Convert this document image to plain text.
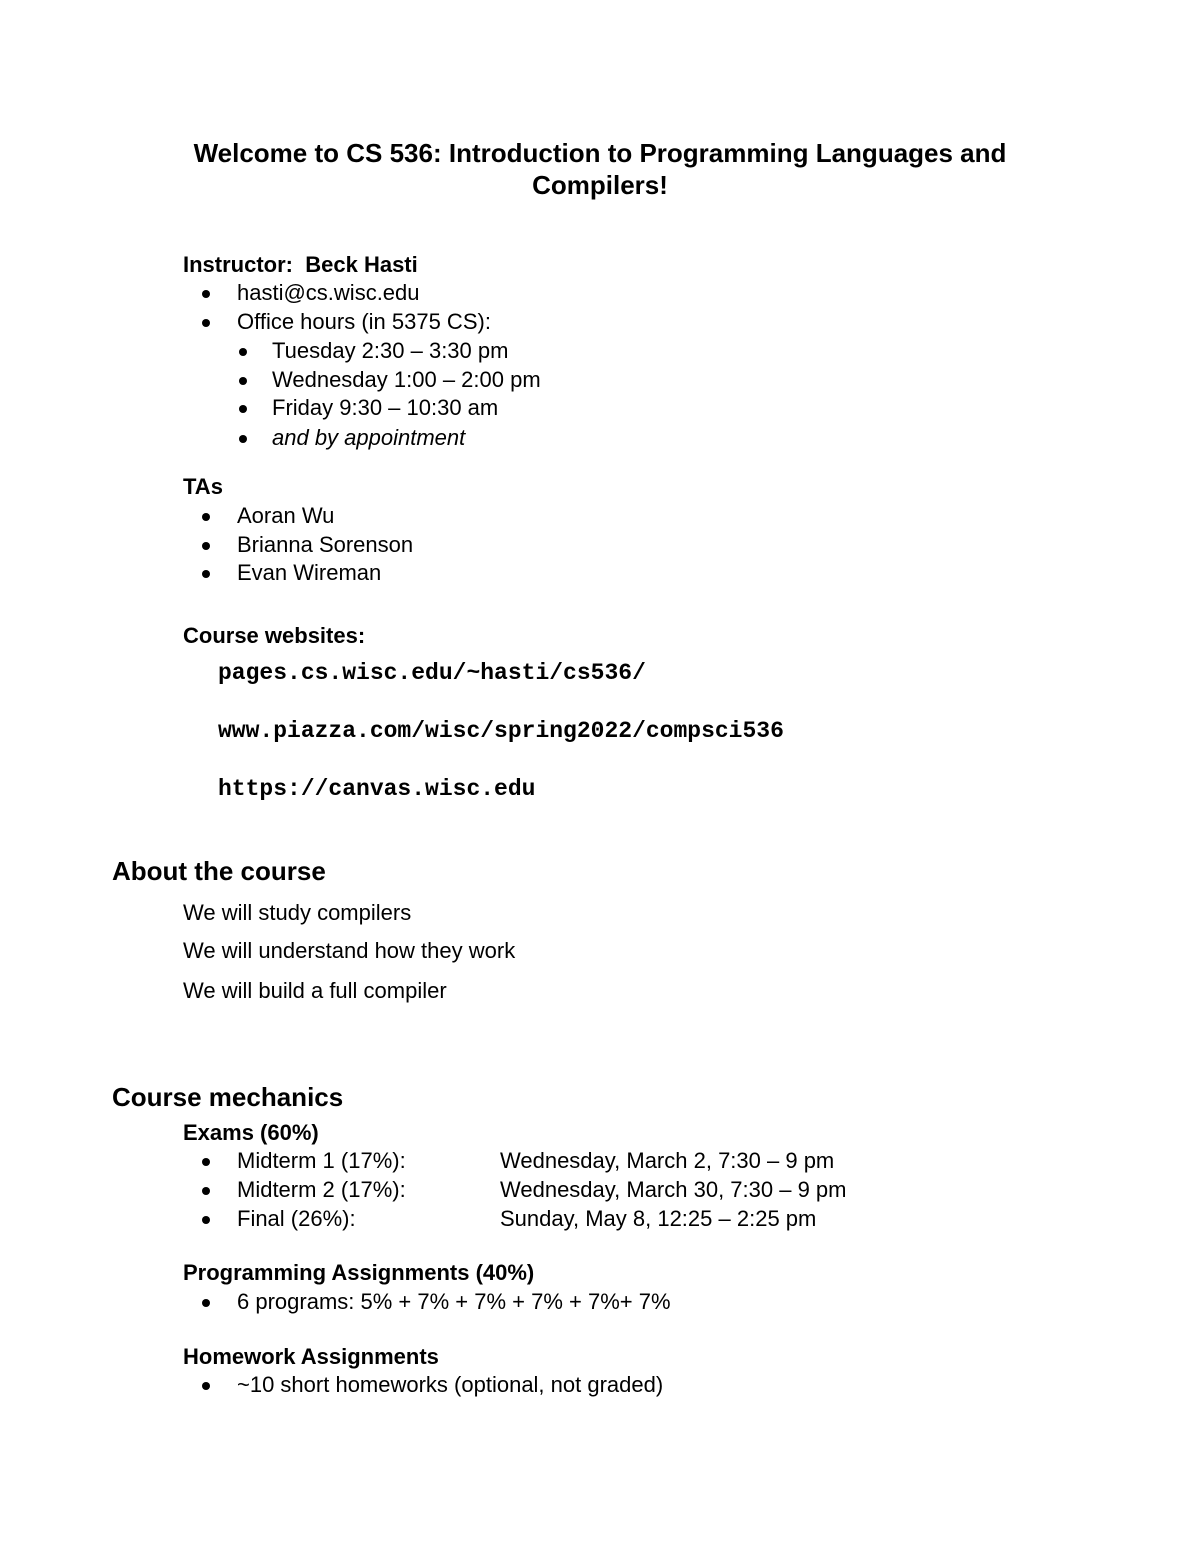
Welcome to CS 536: Introduction to Programming Languages and
Compilers!
Instructor: Beck Hasti
hasti@cs.wisc.edu
Office hours (in 5375 CS):
Tuesday 2:30 – 3:30 pm
Wednesday 1:00 – 2:00 pm
Friday 9:30 – 10:30 am
and by appointment
TAs
Aoran Wu
Brianna Sorenson
Evan Wireman
Course websites:
pages.cs.wisc.edu/~hasti/cs536/
www.piazza.com/wisc/spring2022/compsci536
https://canvas.wisc.edu
About the course
We will study compilers
We will understand how they work
We will build a full compiler
Course mechanics
Exams (60%)
Midterm 1 (17%):	Wednesday, March 2, 7:30 – 9 pm
Midterm 2 (17%):	Wednesday, March 30, 7:30 – 9 pm
Final (26%):	Sunday, May 8, 12:25 – 2:25 pm
Programming Assignments (40%)
6 programs: 5% + 7% + 7% + 7% + 7%+ 7%
Homework Assignments
~10 short homeworks (optional, not graded)
